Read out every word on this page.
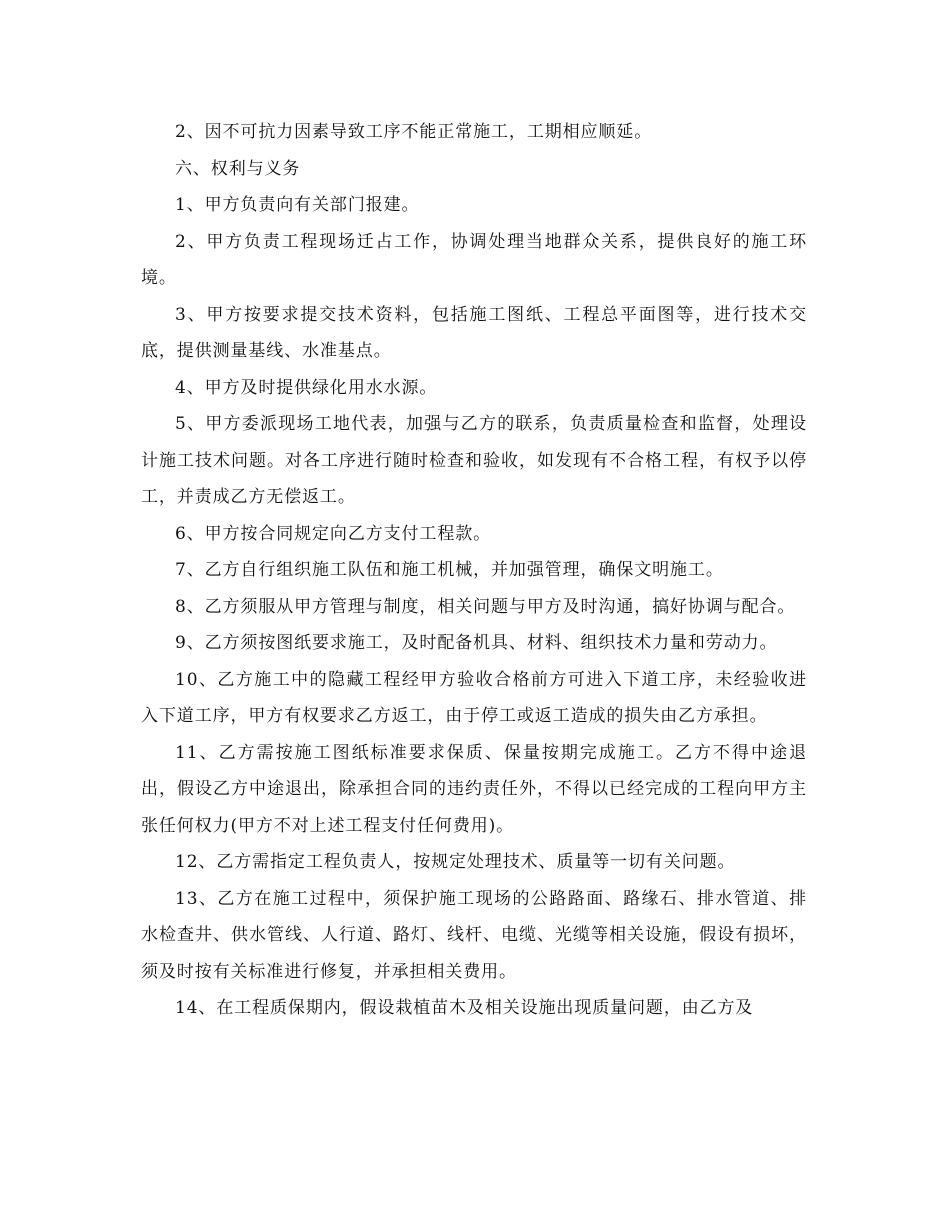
2、因不可抗力因素导致工序不能正常施工，工期相应顺延。

六、权利与义务

1、甲方负责向有关部门报建。

2、甲方负责工程现场迁占工作，协调处理当地群众关系，提供良好的施工环境。

3、甲方按要求提交技术资料，包括施工图纸、工程总平面图等，进行技术交底，提供测量基线、水准基点。

4、甲方及时提供绿化用水水源。

5、甲方委派现场工地代表，加强与乙方的联系，负责质量检查和监督，处理设计施工技术问题。对各工序进行随时检查和验收，如发现有不合格工程，有权予以停工，并责成乙方无偿返工。

6、甲方按合同规定向乙方支付工程款。

7、乙方自行组织施工队伍和施工机械，并加强管理，确保文明施工。

8、乙方须服从甲方管理与制度，相关问题与甲方及时沟通，搞好协调与配合。

9、乙方须按图纸要求施工，及时配备机具、材料、组织技术力量和劳动力。

10、乙方施工中的隐藏工程经甲方验收合格前方可进入下道工序，未经验收进入下道工序，甲方有权要求乙方返工，由于停工或返工造成的损失由乙方承担。

11、乙方需按施工图纸标准要求保质、保量按期完成施工。乙方不得中途退出，假设乙方中途退出，除承担合同的违约责任外，不得以已经完成的工程向甲方主张任何权力(甲方不对上述工程支付任何费用)。

12、乙方需指定工程负责人，按规定处理技术、质量等一切有关问题。

13、乙方在施工过程中，须保护施工现场的公路路面、路缘石、排水管道、排水检查井、供水管线、人行道、路灯、线杆、电缆、光缆等相关设施，假设有损坏，须及时按有关标准进行修复，并承担相关费用。

14、在工程质保期内，假设栽植苗木及相关设施出现质量问题，由乙方及
